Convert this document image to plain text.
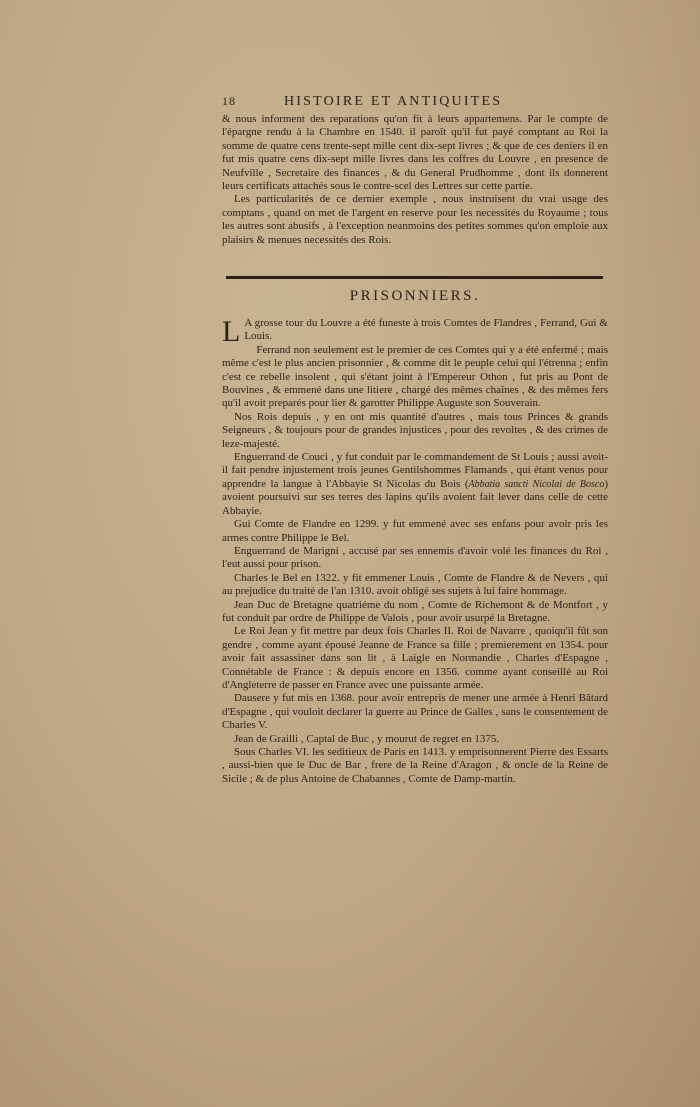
18	HISTOIRE ET ANTIQUITES

& nous informent des reparations qu'on fit à leurs appartemens. Par le compte de l'épargne rendu à la Chambre en 1540. il paroît qu'il fut payé comptant au Roi la somme de quatre cens trente-sept mille cent dix-sept livres ; & que de ces deniers il en fut mis quatre cens dix-sept mille livres dans les coffres du Louvre , en presence de Neufville , Secretaire des finances , & du General Prudhomme , dont ils donnerent leurs certificats attachés sous le contre-scel des Lettres sur cette partie.

Les particularités de ce dernier exemple , nous instruisent du vrai usage des comptans , quand on met de l'argent en reserve pour les necessités du Royaume ; tous les autres sont abusifs , à l'exception neanmoins des petites sommes qu'on emploie aux plaisirs & menues necessités des Rois.

PRISONNIERS.

L A grosse tour du Louvre a été funeste à trois Comtes de Flandres , Ferrand, Gui & Louis.

Ferrand non seulement est le premier de ces Comtes qui y a été enfermé ; mais même c'est le plus ancien prisonnier , & comme dit le peuple celui qui l'étrenna ; enfin c'est ce rebelle insolent , qui s'étant joint à l'Empereur Othon , fut pris au Pont de Bouvines , & emmené dans une litiere , chargé des mêmes chaînes , & des mêmes fers qu'il avoit preparés pour lier & garotter Philippe Auguste son Souverain.

Nos Rois depuis , y en ont mis quantité d'autres , mais tous Princes & grands Seigneurs , & toujours pour de grandes injustices , pour des revoltes , & des crimes de leze-majesté.

Enguerrand de Couci , y fut conduit par le commandement de St Louis ; aussi avoit-il fait pendre injustement trois jeunes Gentilshommes Flamands , qui étant venus pour apprendre la langue à l'Abbayie St Nicolas du Bois (Abbatia sancti Nicolai de Bosco) avoient poursuivi sur ses terres des lapins qu'ils avoient fait lever dans celle de cette Abbayie.

Gui Comte de Flandre en 1299. y fut emmené avec ses enfans pour avoir pris les armes contre Philippe le Bel.

Enguerrand de Marigni , accusé par ses ennemis d'avoir volé les finances du Roi , l'eut aussi pour prison.

Charles le Bel en 1322. y fit emmener Louis , Comte de Flandre & de Nevers , qui au prejudice du traité de l'an 1310. avoit obligé ses sujets à lui faire hommage.

Jean Duc de Bretagne quatriéme du nom , Comte de Richemont & de Montfort , y fut conduit par ordre de Philippe de Valois , pour avoir usurpé la Bretagne.

Le Roi Jean y fit mettre par deux fois Charles II. Roi de Navarre , quoiqu'il fût son gendre , comme ayant épousé Jeanne de France sa fille ; premierement en 1354. pour avoir fait assassiner dans son lit , à Laigle en Normandie , Charles d'Espagne , Connétable de France : & depuis encore en 1356. comme ayant conseillé au Roi d'Angleterre de passer en France avec une puissante armée.

Dausere y fut mis en 1368. pour avoir entrepris de mener une armée à Henri Bâtard d'Espagne , qui vouloit declarer la guerre au Prince de Galles , sans le consentement de Charles V.

Jean de Grailli , Captal de Buc , y mourut de regret en 1375.

Sous Charles VI. les seditieux de Paris en 1413. y emprisonnerent Pierre des Essarts , aussi-bien que le Duc de Bar , frere de la Reine d'Aragon , & oncle de la Reine de Sicile ; & de plus Antoine de Chabannes , Comte de Damp-martin.
